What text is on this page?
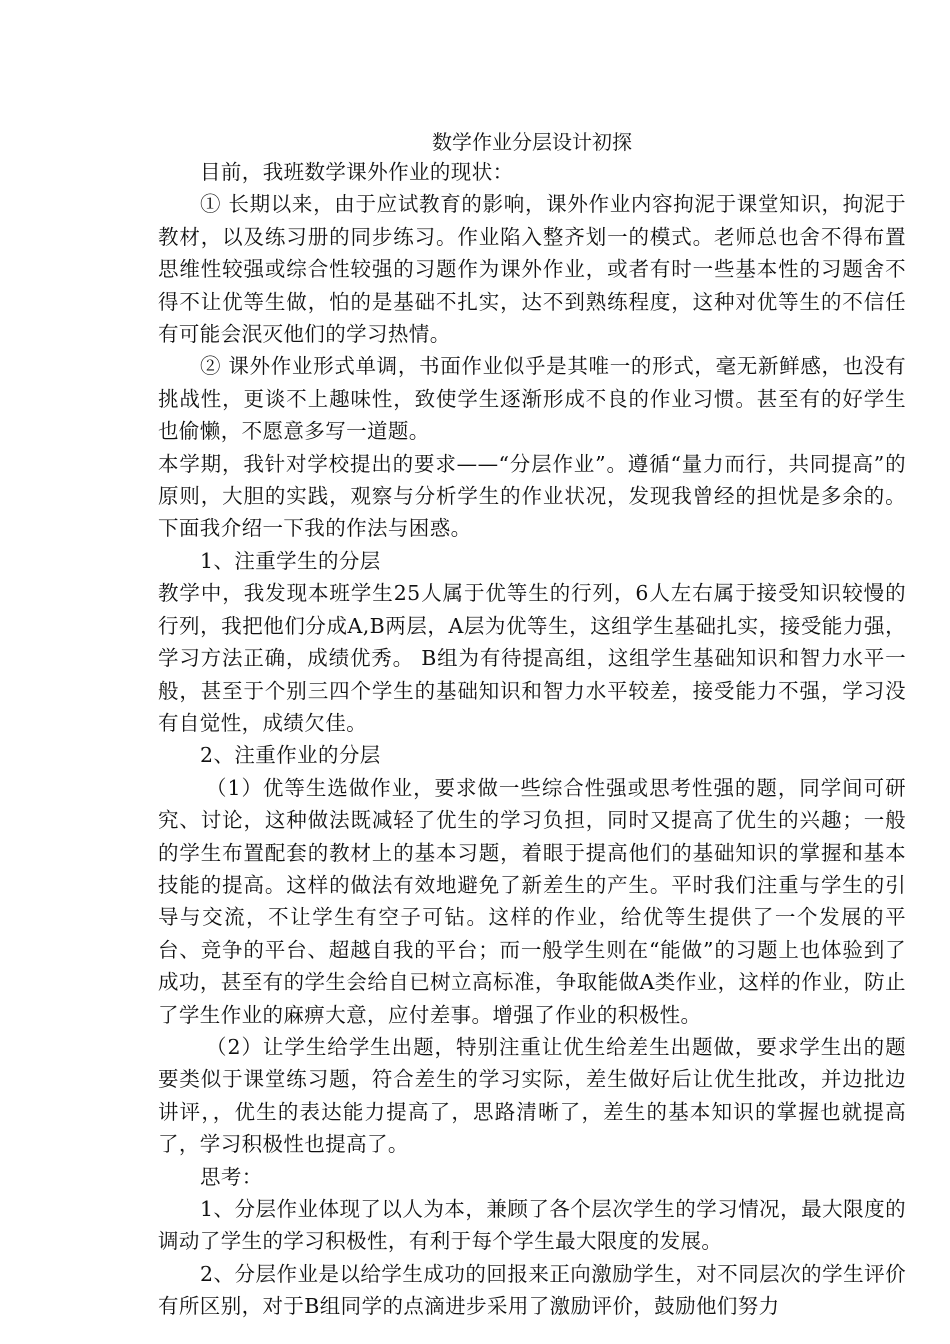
数学作业分层设计初探

目前，我班数学课外作业的现状：

① 长期以来，由于应试教育的影响，课外作业内容拘泥于课堂知识，拘泥于教材，以及练习册的同步练习。作业陷入整齐划一的模式。老师总也舍不得布置思维性较强或综合性较强的习题作为课外作业，或者有时一些基本性的习题舍不得不让优等生做，怕的是基础不扎实，达不到熟练程度，这种对优等生的不信任有可能会泯灭他们的学习热情。

② 课外作业形式单调，书面作业似乎是其唯一的形式，毫无新鲜感，也没有挑战性，更谈不上趣味性，致使学生逐渐形成不良的作业习惯。甚至有的好学生也偷懒，不愿意多写一道题。

本学期，我针对学校提出的要求——“分层作业”。遵循“量力而行，共同提高”的原则，大胆的实践，观察与分析学生的作业状况，发现我曾经的担忧是多余的。下面我介绍一下我的作法与困惑。

1、注重学生的分层

教学中，我发现本班学生25人属于优等生的行列，6人左右属于接受知识较慢的行列，我把他们分成A,B两层，A层为优等生，这组学生基础扎实，接受能力强，学习方法正确，成绩优秀。 B组为有待提高组，这组学生基础知识和智力水平一般，甚至于个别三四个学生的基础知识和智力水平较差，接受能力不强，学习没有自觉性，成绩欠佳。

2、注重作业的分层

（1）优等生选做作业，要求做一些综合性强或思考性强的题，同学间可研究、讨论，这种做法既减轻了优生的学习负担，同时又提高了优生的兴趣；一般的学生布置配套的教材上的基本习题，着眼于提高他们的基础知识的掌握和基本技能的提高。这样的做法有效地避免了新差生的产生。平时我们注重与学生的引导与交流，不让学生有空子可钻。这样的作业，给优等生提供了一个发展的平台、竞争的平台、超越自我的平台；而一般学生则在“能做”的习题上也体验到了成功，甚至有的学生会给自已树立高标准，争取能做A类作业，这样的作业，防止了学生作业的麻痹大意，应付差事。增强了作业的积极性。

（2）让学生给学生出题，特别注重让优生给差生出题做，要求学生出的题要类似于课堂练习题，符合差生的学习实际，差生做好后让优生批改，并边批边讲评，，优生的表达能力提高了，思路清晰了，差生的基本知识的掌握也就提高了，学习积极性也提高了。

思考：

1、分层作业体现了以人为本，兼顾了各个层次学生的学习情况，最大限度的调动了学生的学习积极性，有利于每个学生最大限度的发展。

2、分层作业是以给学生成功的回报来正向激励学生，对不同层次的学生评价有所区别，对于B组同学的点滴进步采用了激励评价，鼓励他们努力
